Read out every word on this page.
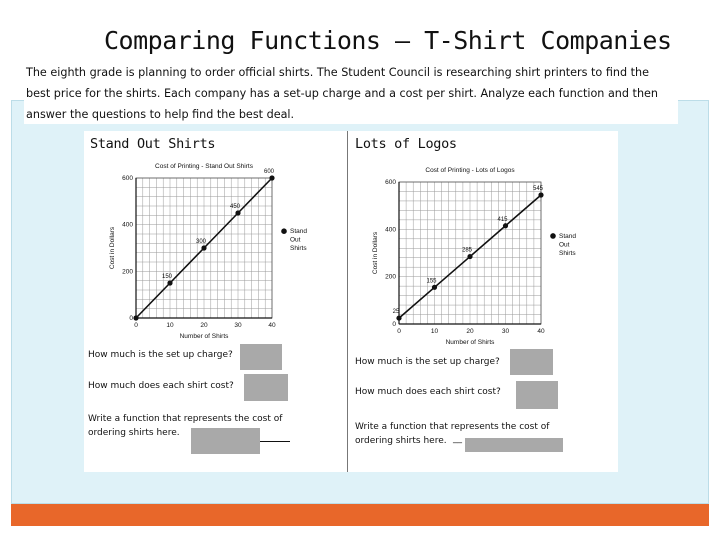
Comparing Functions – T-Shirt Companies
The eighth grade is planning to order official shirts. The Student Council is researching shirt printers to find the best price for the shirts. Each company has a set-up charge and a cost per shirt. Analyze each function and then answer the questions to help find the best deal.
Stand Out Shirts
Cost of Printing - Stand Out Shirts
0	10	20	30	40
0
200
400
600
Number of Shirts
Cost in Dollars
150
300
450
600
Stand
Out
Shirts
How much is the set up charge?
How much does each shirt cost?
Write a function that represents the cost of ordering shirts here.
Lots of Logos
Cost of Printing - Lots of Logos
0	10	20	30	40
0
200
400
600
Number of Shirts
Cost in Dollars
25
155
285
415
545
Stand
Out
Shirts
How much is the set up charge?
How much does each shirt cost?
Write a function that represents the cost of ordering shirts here. __
